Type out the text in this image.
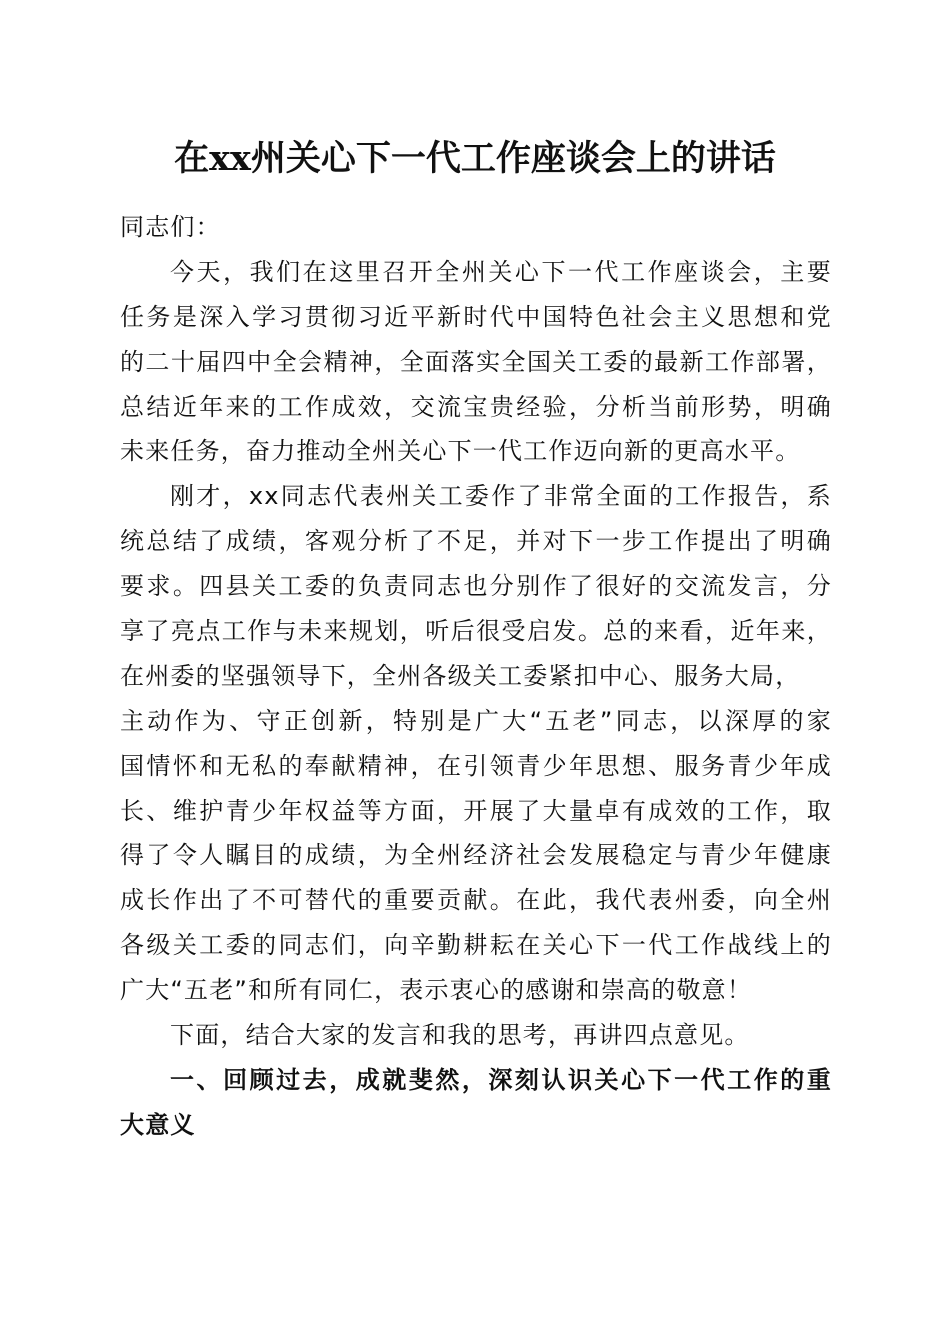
在xx州关心下一代工作座谈会上的讲话
同志们：
今天，我们在这里召开全州关心下一代工作座谈会，主要
任务是深入学习贯彻习近平新时代中国特色社会主义思想和党
的二十届四中全会精神，全面落实全国关工委的最新工作部署，
总结近年来的工作成效，交流宝贵经验，分析当前形势，明确
未来任务，奋力推动全州关心下一代工作迈向新的更高水平。
刚才，xx同志代表州关工委作了非常全面的工作报告，系
统总结了成绩，客观分析了不足，并对下一步工作提出了明确
要求。四县关工委的负责同志也分别作了很好的交流发言，分
享了亮点工作与未来规划，听后很受启发。总的来看，近年来，
在州委的坚强领导下，全州各级关工委紧扣中心、服务大局，
主动作为、守正创新，特别是广大“五老”同志，以深厚的家
国情怀和无私的奉献精神，在引领青少年思想、服务青少年成
长、维护青少年权益等方面，开展了大量卓有成效的工作，取
得了令人瞩目的成绩，为全州经济社会发展稳定与青少年健康
成长作出了不可替代的重要贡献。在此，我代表州委，向全州
各级关工委的同志们，向辛勤耕耘在关心下一代工作战线上的
广大“五老”和所有同仁，表示衷心的感谢和崇高的敬意！
下面，结合大家的发言和我的思考，再讲四点意见。
一、回顾过去，成就斐然，深刻认识关心下一代工作的重
大意义
